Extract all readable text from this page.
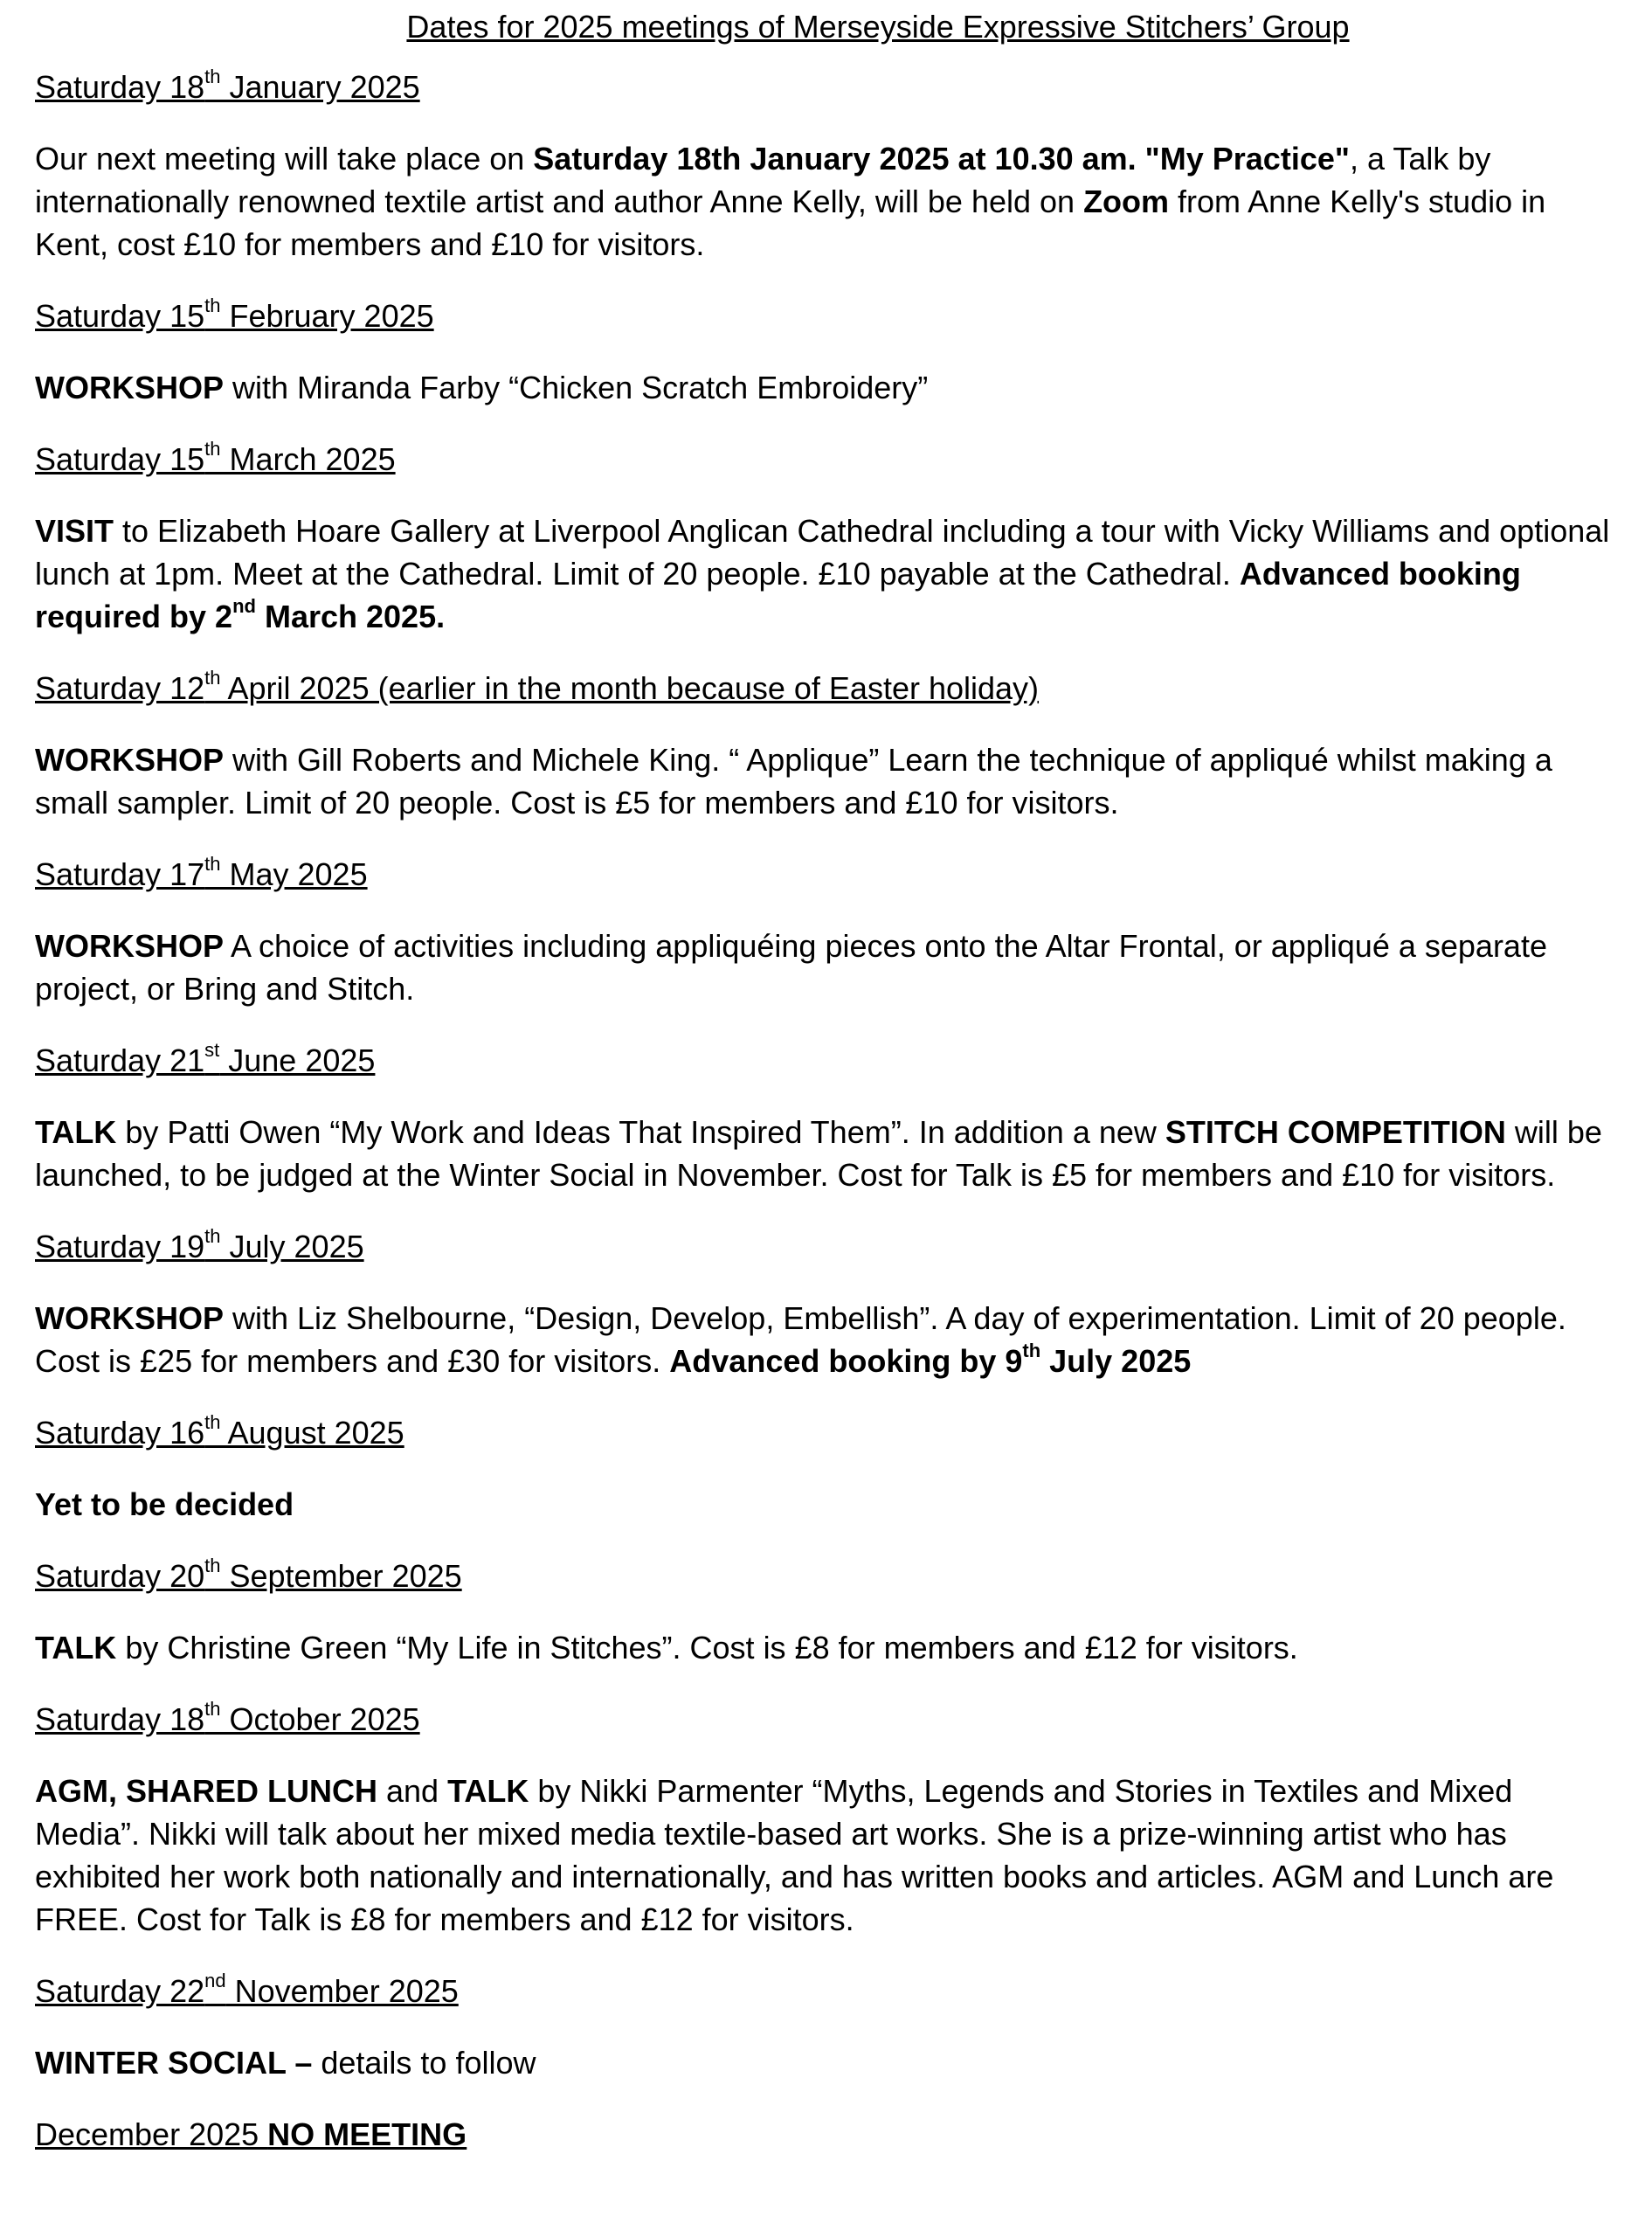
Dates for 2025 meetings of Merseyside Expressive Stitchers’ Group

Saturday 18th January 2025

Our next meeting will take place on Saturday 18th January 2025 at 10.30 am. "My Practice", a Talk by internationally renowned textile artist and author Anne Kelly, will be held on Zoom from Anne Kelly's studio in Kent, cost £10 for members and £10 for visitors.

Saturday 15th February 2025

WORKSHOP with Miranda Farby “Chicken Scratch Embroidery”

Saturday 15th March 2025

VISIT to Elizabeth Hoare Gallery at Liverpool Anglican Cathedral including a tour with Vicky Williams and optional lunch at 1pm. Meet at the Cathedral. Limit of 20 people. £10 payable at the Cathedral. Advanced booking required by 2nd March 2025.

Saturday 12th April 2025 (earlier in the month because of Easter holiday)

WORKSHOP with Gill Roberts and Michele King. “ Applique” Learn the technique of appliqué whilst making a small sampler. Limit of 20 people. Cost is £5 for members and £10 for visitors.

Saturday 17th May 2025

WORKSHOP A choice of activities including appliquéing pieces onto the Altar Frontal, or appliqué a separate project, or Bring and Stitch.

Saturday 21st June 2025

TALK by Patti Owen “My Work and Ideas That Inspired Them”. In addition a new STITCH COMPETITION will be launched, to be judged at the Winter Social in November. Cost for Talk is £5 for members and £10 for visitors.

Saturday 19th July 2025

WORKSHOP with Liz Shelbourne, “Design, Develop, Embellish”. A day of experimentation. Limit of 20 people. Cost is £25 for members and £30 for visitors. Advanced booking by 9th July 2025

Saturday 16th August 2025

Yet to be decided

Saturday 20th September 2025

TALK by Christine Green “My Life in Stitches”. Cost is £8 for members and £12 for visitors.

Saturday 18th October 2025

AGM, SHARED LUNCH and TALK by Nikki Parmenter “Myths, Legends and Stories in Textiles and Mixed Media”. Nikki will talk about her mixed media textile-based art works. She is a prize-winning artist who has exhibited her work both nationally and internationally, and has written books and articles. AGM and Lunch are FREE. Cost for Talk is £8 for members and £12 for visitors.

Saturday 22nd November 2025

WINTER SOCIAL – details to follow

December 2025 NO MEETING
